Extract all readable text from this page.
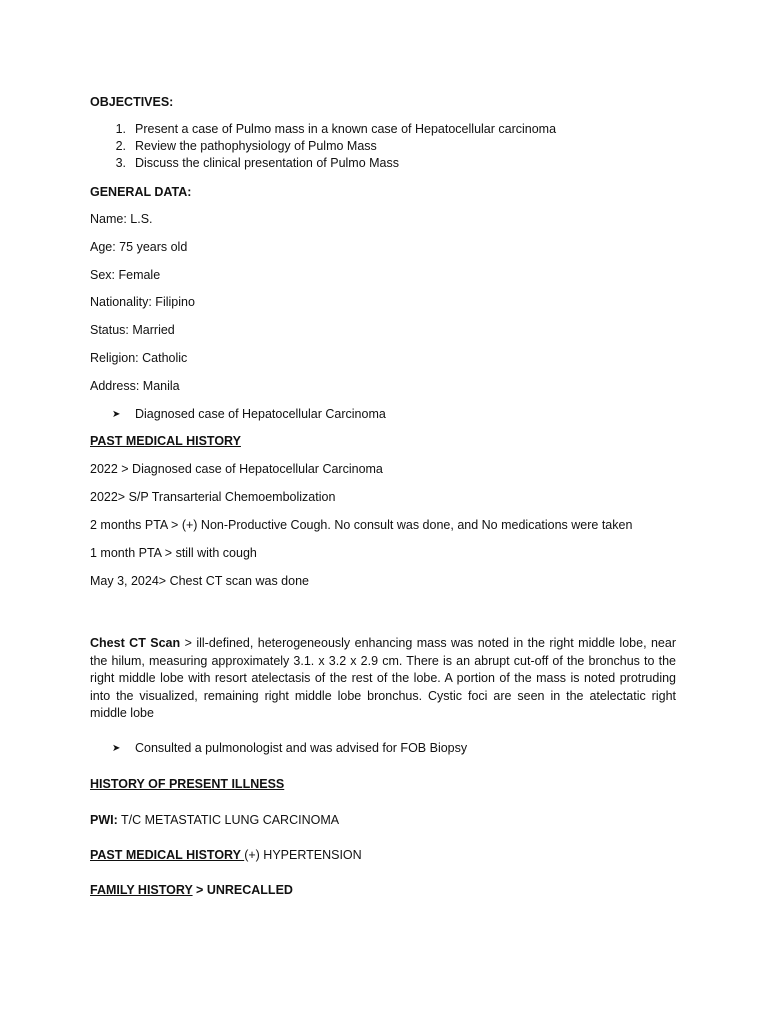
OBJECTIVES:
1. Present a case of Pulmo mass in a known case of Hepatocellular carcinoma
2. Review the pathophysiology of Pulmo Mass
3. Discuss the clinical presentation of Pulmo Mass
GENERAL DATA:
Name: L.S.
Age: 75 years old
Sex: Female
Nationality: Filipino
Status: Married
Religion: Catholic
Address: Manila
➤ Diagnosed case of Hepatocellular Carcinoma
PAST MEDICAL HISTORY
2022 > Diagnosed case of Hepatocellular Carcinoma
2022> S/P Transarterial Chemoembolization
2 months PTA > (+) Non-Productive Cough. No consult was done, and No medications were taken
1 month PTA > still with cough
May 3, 2024> Chest CT scan was done
Chest CT Scan > ill-defined, heterogeneously enhancing mass was noted in the right middle lobe, near the hilum, measuring approximately 3.1. x 3.2 x 2.9 cm. There is an abrupt cut-off of the bronchus to the right middle lobe with resort atelectasis of the rest of the lobe. A portion of the mass is noted protruding into the visualized, remaining right middle lobe bronchus. Cystic foci are seen in the atelectatic right middle lobe
➤ Consulted a pulmonologist and was advised for FOB Biopsy
HISTORY OF PRESENT ILLNESS
PWI: T/C METASTATIC LUNG CARCINOMA
PAST MEDICAL HISTORY (+) HYPERTENSION
FAMILY HISTORY > UNRECALLED
